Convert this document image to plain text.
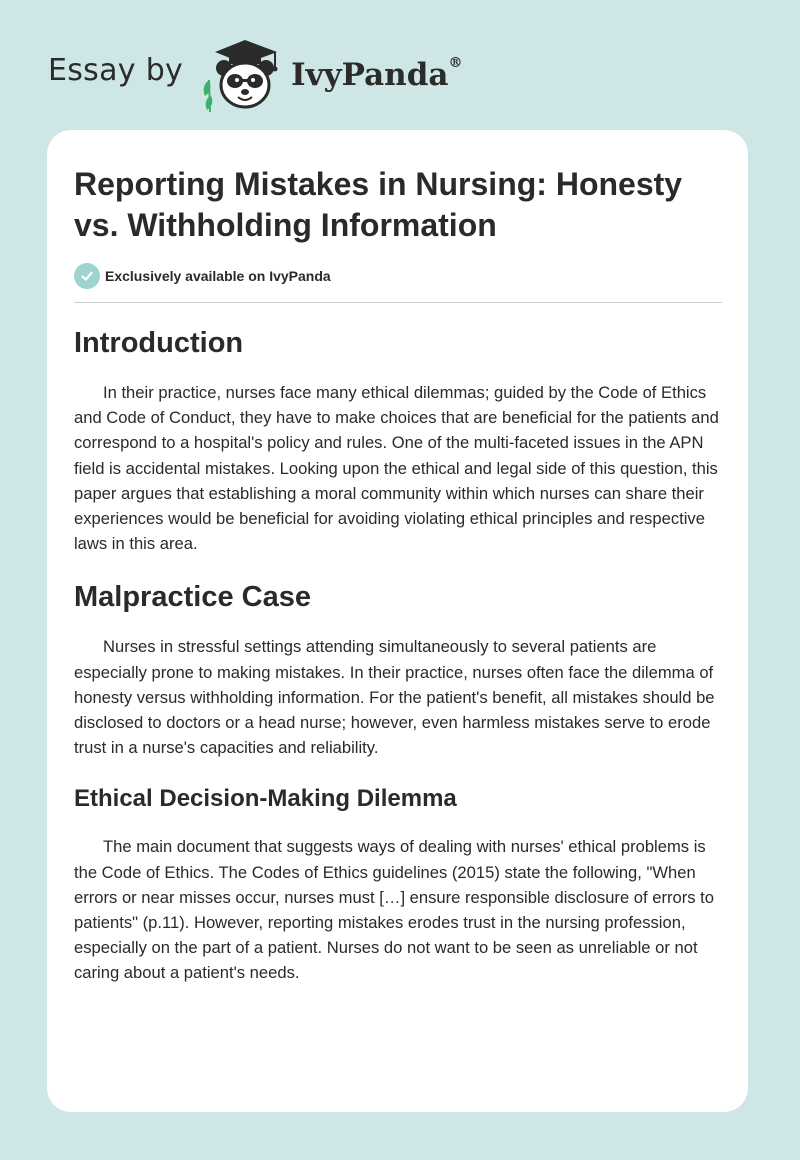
Essay by	IvyPanda®
Reporting Mistakes in Nursing: Honesty
vs. Withholding Information
Exclusively available on IvyPanda
Introduction

In their practice, nurses face many ethical dilemmas; guided by the Code of Ethics and Code of Conduct, they have to make choices that are beneficial for the patients and correspond to a hospital's policy and rules. One of the multi-faceted issues in the APN field is accidental mistakes. Looking upon the ethical and legal side of this question, this paper argues that establishing a moral community within which nurses can share their experiences would be beneficial for avoiding violating ethical principles and respective laws in this area.

Malpractice Case

Nurses in stressful settings attending simultaneously to several patients are especially prone to making mistakes. In their practice, nurses often face the dilemma of honesty versus withholding information. For the patient's benefit, all mistakes should be disclosed to doctors or a head nurse; however, even harmless mistakes serve to erode trust in a nurse's capacities and reliability.

Ethical Decision-Making Dilemma

The main document that suggests ways of dealing with nurses' ethical problems is the Code of Ethics. The Codes of Ethics guidelines (2015) state the following, "When errors or near misses occur, nurses must […] ensure responsible disclosure of errors to patients" (p.11). However, reporting mistakes erodes trust in the nursing profession, especially on the part of a patient. Nurses do not want to be seen as unreliable or not caring about a patient's needs.
